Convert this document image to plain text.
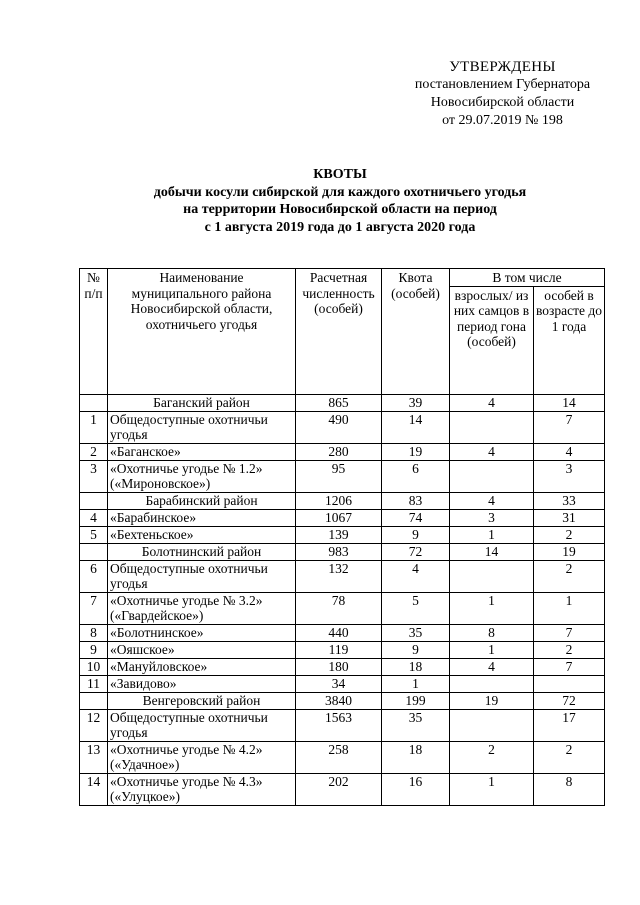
УТВЕРЖДЕНЫ
постановлением Губернатора
Новосибирской области
от 29.07.2019 № 198
КВОТЫ
добычи косули сибирской для каждого охотничьего угодья
на территории Новосибирской области на период
с 1 августа 2019 года до 1 августа 2020 года
№ п/п	Наименование муниципального района Новосибирской области, охотничьего угодья	Расчетная численность (особей)	Квота (особей)	В том числе	
				взрослых/ из них самцов в период гона (особей)	особей в возрасте до 1 года
	Баганский район	865	39	4	14
1	Общедоступные охотничьи угодья	490	14		7
2	«Баганское»	280	19	4	4
3	«Охотничье угодье № 1.2» («Мироновское»)	95	6		3
	Барабинский район	1206	83	4	33
4	«Барабинское»	1067	74	3	31
5	«Бехтеньское»	139	9	1	2
	Болотнинский район	983	72	14	19
6	Общедоступные охотничьи угодья	132	4		2
7	«Охотничье угодье № 3.2» («Гвардейское»)	78	5	1	1
8	«Болотнинское»	440	35	8	7
9	«Ояшское»	119	9	1	2
10	«Мануйловское»	180	18	4	7
11	«Завидово»	34	1		
	Венгеровский район	3840	199	19	72
12	Общедоступные охотничьи угодья	1563	35		17
13	«Охотничье угодье № 4.2» («Удачное»)	258	18	2	2
14	«Охотничье угодье № 4.3» («Улуцкое»)	202	16	1	8
